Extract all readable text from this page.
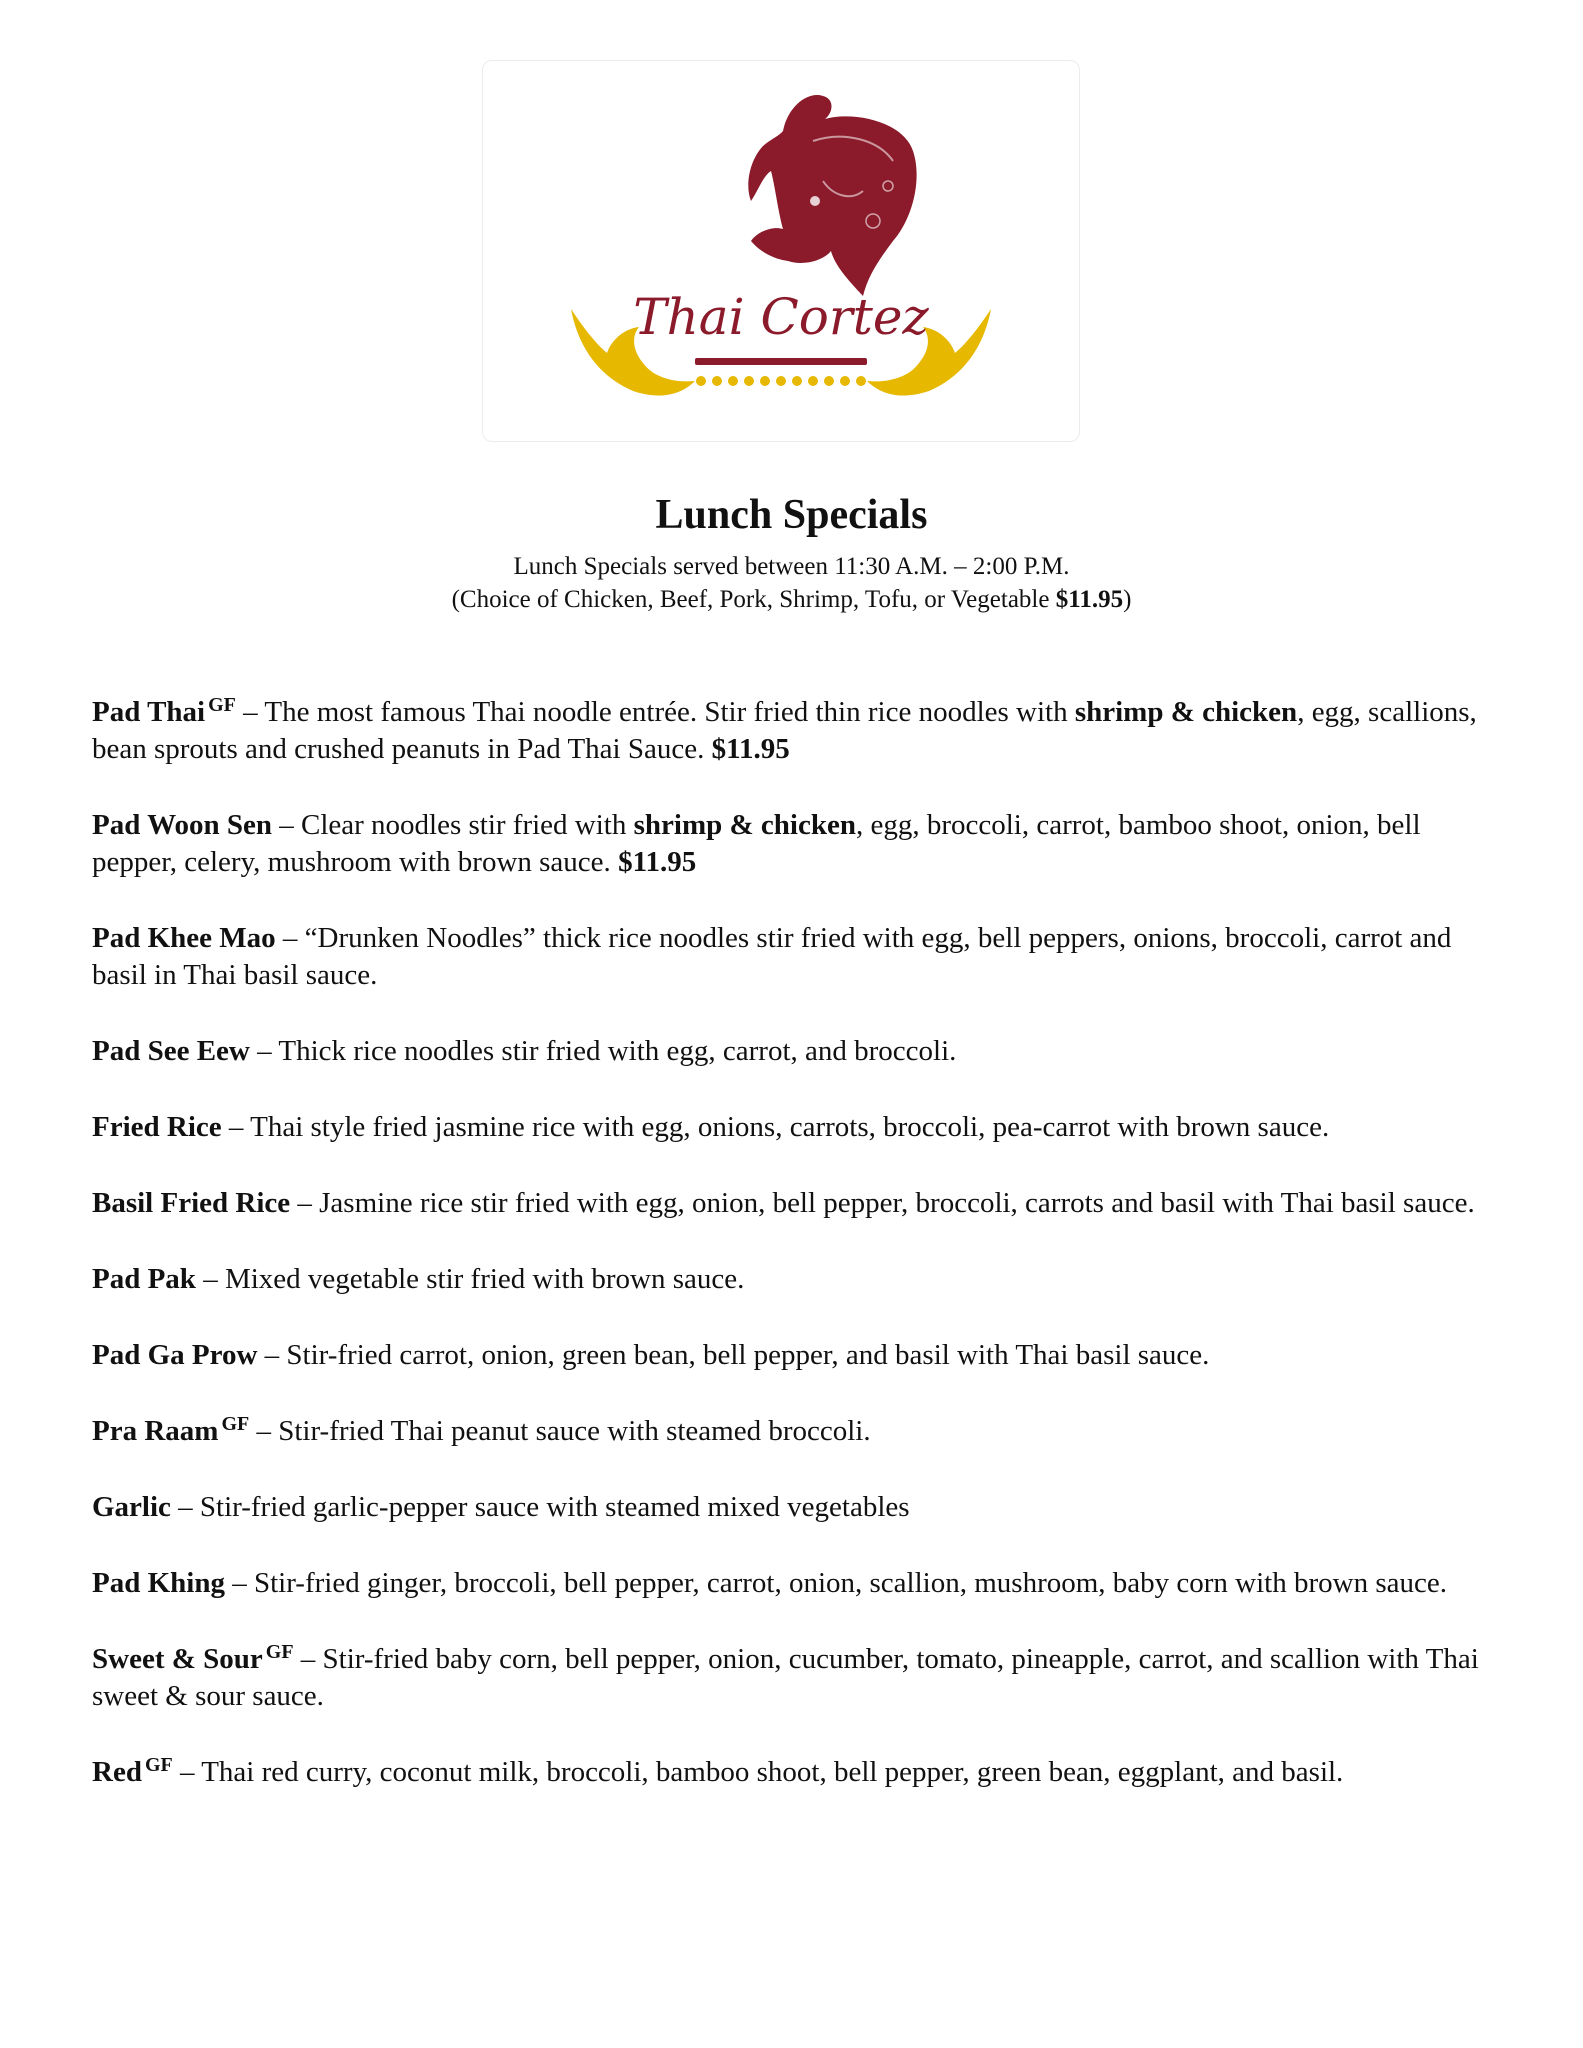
Thai Cortez
Lunch Specials
Lunch Specials served between 11:30 A.M. – 2:00 P.M.
(Choice of Chicken, Beef, Pork, Shrimp, Tofu, or Vegetable $11.95)

Pad Thai $^{GF}$ – The most famous Thai noodle entrée. Stir fried thin rice noodles with shrimp & chicken, egg, scallions, bean sprouts and crushed peanuts in Pad Thai Sauce. $11.95

Pad Woon Sen – Clear noodles stir fried with shrimp & chicken, egg, broccoli, carrot, bamboo shoot, onion, bell pepper, celery, mushroom with brown sauce. $11.95

Pad Khee Mao – “Drunken Noodles” thick rice noodles stir fried with egg, bell peppers, onions, broccoli, carrot and basil in Thai basil sauce.

Pad See Eew – Thick rice noodles stir fried with egg, carrot, and broccoli.

Fried Rice – Thai style fried jasmine rice with egg, onions, carrots, broccoli, pea-carrot with brown sauce.

Basil Fried Rice – Jasmine rice stir fried with egg, onion, bell pepper, broccoli, carrots and basil with Thai basil sauce.

Pad Pak – Mixed vegetable stir fried with brown sauce.

Pad Ga Prow – Stir-fried carrot, onion, green bean, bell pepper, and basil with Thai basil sauce.

Pra Raam $^{GF}$ – Stir-fried Thai peanut sauce with steamed broccoli.

Garlic – Stir-fried garlic-pepper sauce with steamed mixed vegetables

Pad Khing – Stir-fried ginger, broccoli, bell pepper, carrot, onion, scallion, mushroom, baby corn with brown sauce.

Sweet & Sour $^{GF}$ – Stir-fried baby corn, bell pepper, onion, cucumber, tomato, pineapple, carrot, and scallion with Thai sweet & sour sauce.

Red $^{GF}$ – Thai red curry, coconut milk, broccoli, bamboo shoot, bell pepper, green bean, eggplant, and basil.
